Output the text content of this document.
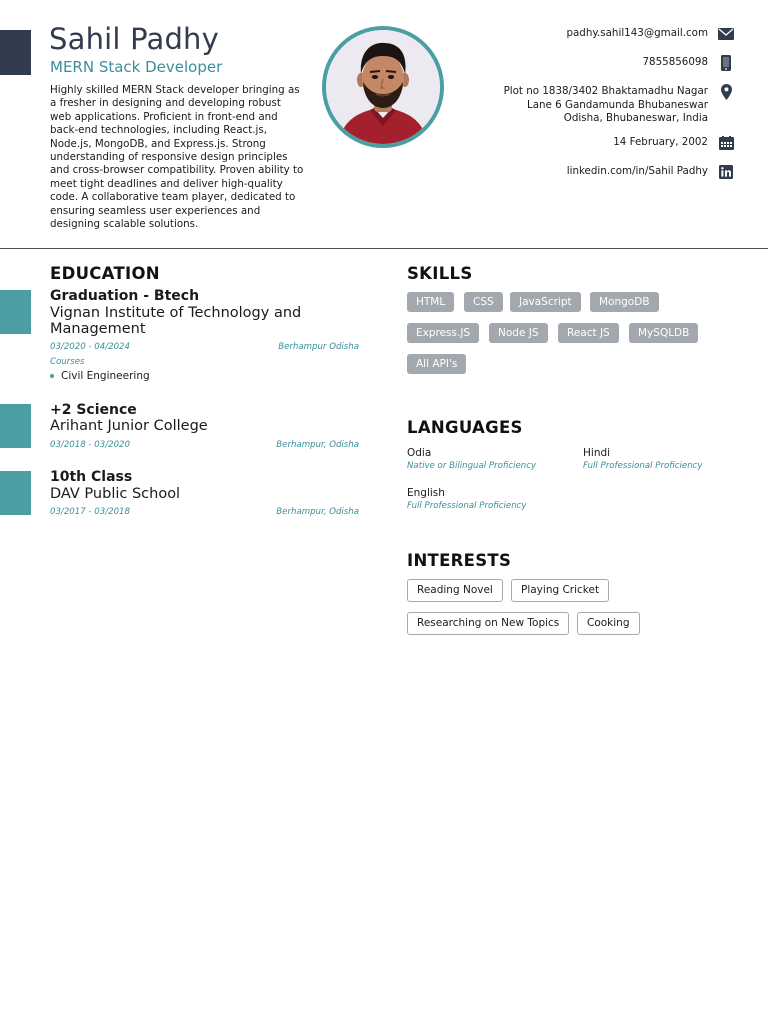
Sahil Padhy
MERN Stack Developer
Highly skilled MERN Stack developer bringing as a fresher in designing and developing robust web applications. Proficient in front-end and back-end technologies, including React.js, Node.js, MongoDB, and Express.js. Strong understanding of responsive design principles and cross-browser compatibility. Proven ability to meet tight deadlines and deliver high-quality code. A collaborative team player, dedicated to ensuring seamless user experiences and designing scalable solutions.
padhy.sahil143@gmail.com
7855856098
Plot no 1838/3402 Bhaktamadhu Nagar
Lane 6 Gandamunda Bhubaneswar
Odisha, Bhubaneswar, India
14 February, 2002
linkedin.com/in/Sahil Padhy
EDUCATION
Graduation - Btech
Vignan Institute of Technology and Management
03/2020 - 04/2024	Berhampur Odisha
Courses
Civil Engineering
+2 Science
Arihant Junior College
03/2018 - 03/2020	Berhampur, Odisha
10th Class
DAV Public School
03/2017 - 03/2018	Berhampur, Odisha
SKILLS
HTML	CSS	JavaScript	MongoDB
Express.JS	Node JS	React JS	MySQLDB
All API's
LANGUAGES
Odia
Native or Bilingual Proficiency
Hindi
Full Professional Proficiency
English
Full Professional Proficiency
INTERESTS
Reading Novel	Playing Cricket
Researching on New Topics	Cooking
